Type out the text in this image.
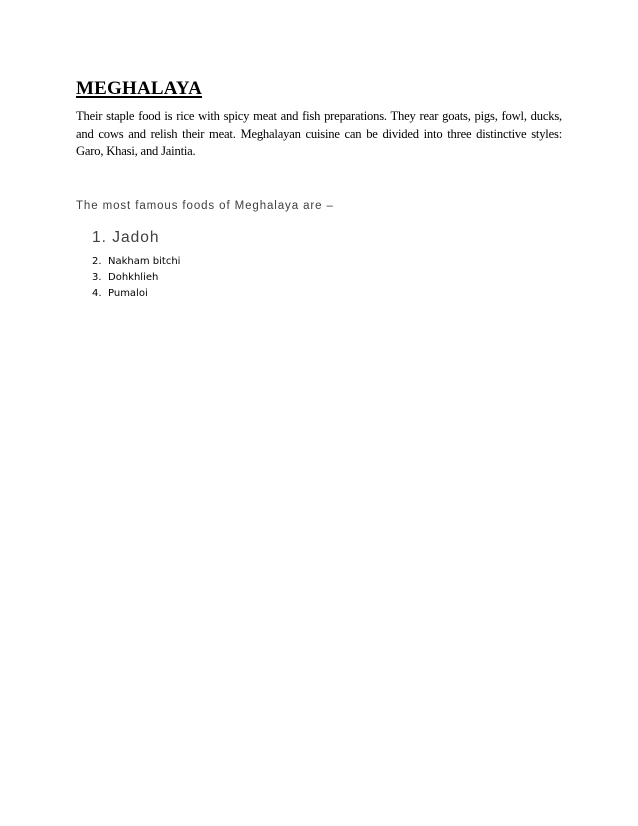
MEGHALAYA

Their staple food is rice with spicy meat and fish preparations. They rear goats, pigs, fowl, ducks, and cows and relish their meat. Meghalayan cuisine can be divided into three distinctive styles: Garo, Khasi, and Jaintia.

The most famous foods of Meghalaya are –

1. Jadoh
2. Nakham bitchi
3. Dohkhlieh
4. Pumaloi
